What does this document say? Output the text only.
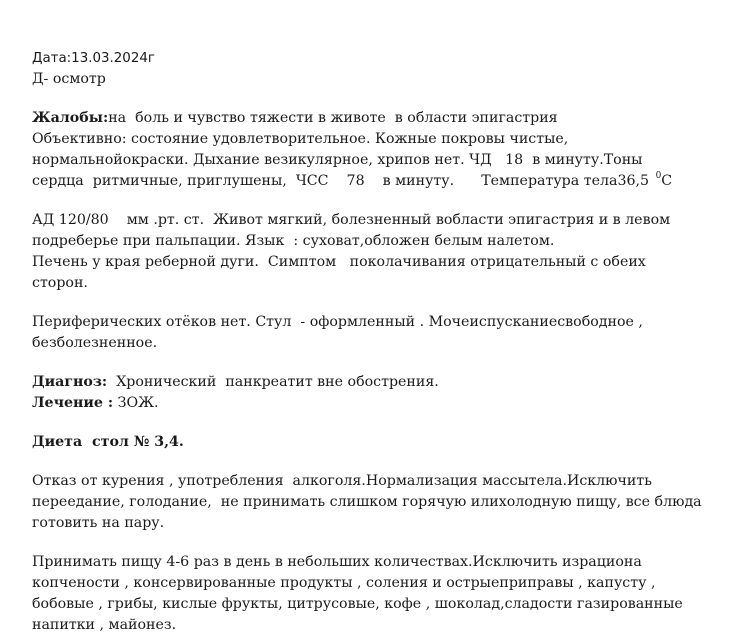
Дата:13.03.2024г
Д- осмотр
Жалобы:на  боль и чувство тяжести в животе  в области эпигастрия
Объективно: состояние удовлетворительное. Кожные покровы чистые,
нормальнойокраски. Дыхание везикулярное, хрипов нет. ЧД   18  в минуту.Тоны
сердца  ритмичные, приглушены,  ЧСС    78    в минуту.      Температура тела36,5 $^0$С
АД 120/80    мм .рт. ст.  Живот мягкий, болезненный вобласти эпигастрия и в левом
подреберье при пальпации. Язык  : суховат,обложен белым налетом.
Печень у края реберной дуги.  Симптом   поколачивания отрицательный с обеих
сторон.
Периферических отёков нет. Стул  - оформленный . Мочеиспусканиесвободное ,
безболезненное.
Диагноз:  Хронический  панкреатит вне обострения.
Лечение : ЗОЖ.
Диета  стол № 3,4.
Отказ от курения , употребления  алкоголя.Нормализация массытела.Исключить
переедание, голодание,  не принимать слишком горячую илихолодную пищу, все блюда
готовить на пару.
Принимать пищу 4-6 раз в день в небольших количествах.Исключить израциона
копчености , консервированные продукты , соления и острыеприправы , капусту ,
бобовые , грибы, кислые фрукты, цитрусовые, кофе , шоколад,сладости газированные
напитки , майонез.
